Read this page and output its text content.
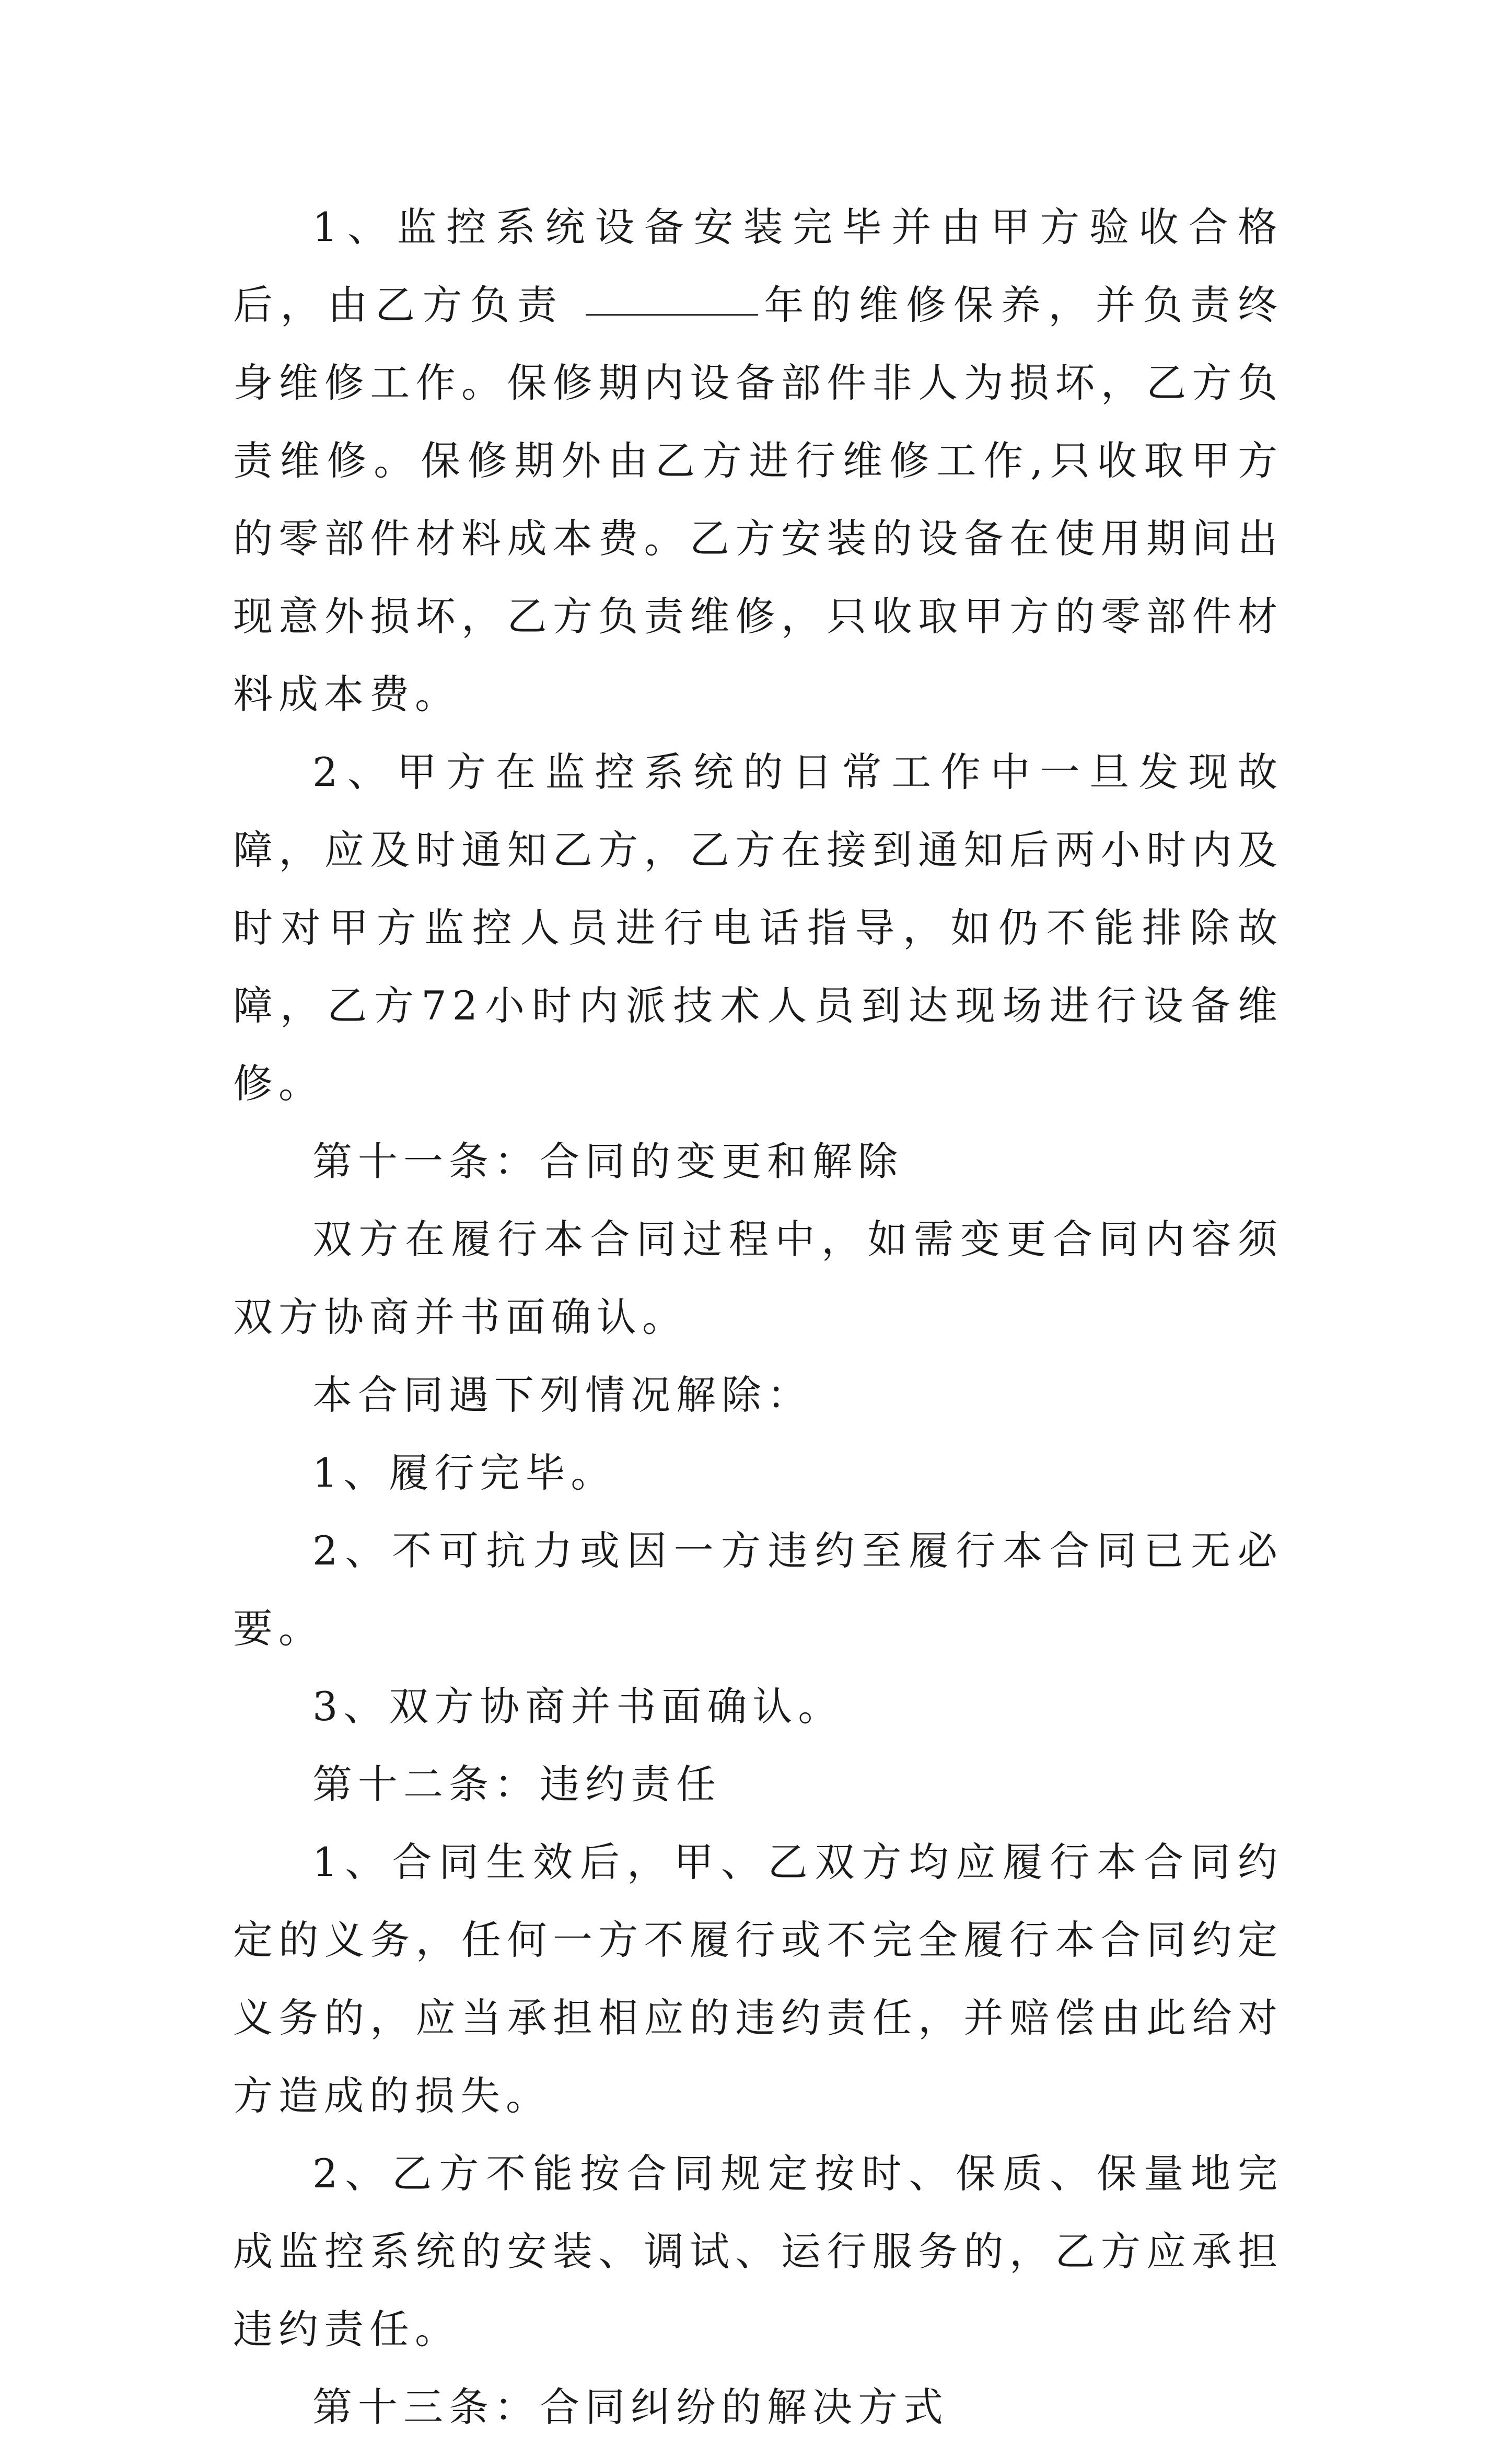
1、监控系统设备安装完毕并由甲方验收合格后，由乙方负责	年的维修保养，并负责终身维修工作。保修期内设备部件非人为损坏，乙方负责维修。保修期外由乙方进行维修工作,只收取甲方的零部件材料成本费。乙方安装的设备在使用期间出现意外损坏，乙方负责维修，只收取甲方的零部件材料成本费。

2、甲方在监控系统的日常工作中一旦发现故障，应及时通知乙方，乙方在接到通知后两小时内及时对甲方监控人员进行电话指导，如仍不能排除故障，乙方72小时内派技术人员到达现场进行设备维修。

第十一条：合同的变更和解除

双方在履行本合同过程中，如需变更合同内容须双方协商并书面确认。

本合同遇下列情况解除：

1、履行完毕。

2、不可抗力或因一方违约至履行本合同已无必要。

3、双方协商并书面确认。

第十二条：违约责任

1、合同生效后，甲、乙双方均应履行本合同约定的义务，任何一方不履行或不完全履行本合同约定义务的，应当承担相应的违约责任，并赔偿由此给对方造成的损失。

2、乙方不能按合同规定按时、保质、保量地完成监控系统的安装、调试、运行服务的，乙方应承担违约责任。

第十三条：合同纠纷的解决方式
